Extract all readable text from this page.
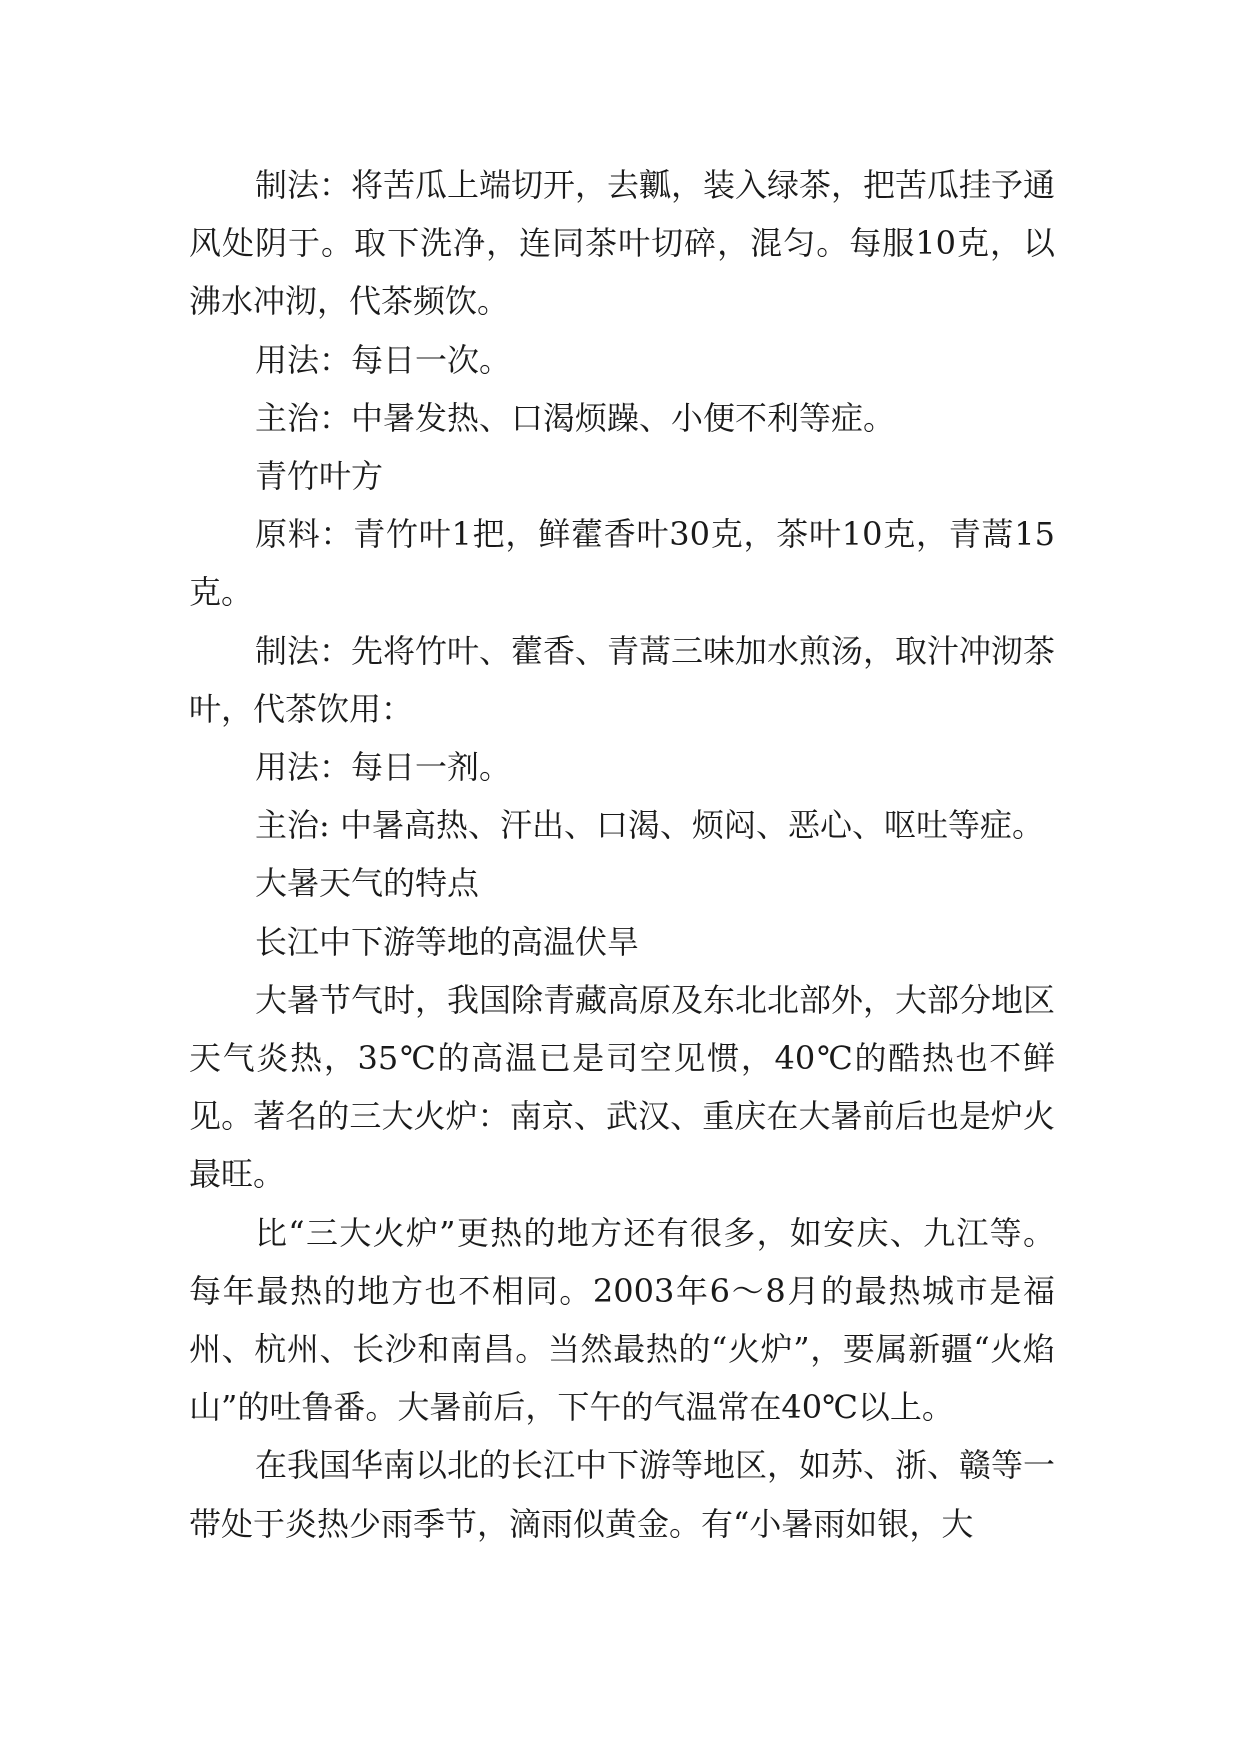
制法：将苦瓜上端切开，去瓤，装入绿茶，把苦瓜挂予通风处阴于。取下洗净，连同茶叶切碎，混匀。每服10克，以沸水冲沏，代茶频饮。

用法：每日一次。

主治：中暑发热、口渴烦躁、小便不利等症。

青竹叶方

原料：青竹叶1把，鲜藿香叶30克，茶叶10克，青蒿15克。

制法：先将竹叶、藿香、青蒿三味加水煎汤，取汁冲沏茶叶，代茶饮用：

用法：每日一剂。

主治: 中暑高热、汗出、口渴、烦闷、恶心、呕吐等症。

大暑天气的特点

长江中下游等地的高温伏旱

大暑节气时，我国除青藏高原及东北北部外，大部分地区天气炎热，35℃的高温已是司空见惯，40℃的酷热也不鲜见。著名的三大火炉：南京、武汉、重庆在大暑前后也是炉火最旺。

比“三大火炉”更热的地方还有很多，如安庆、九江等。每年最热的地方也不相同。2003年6～8月的最热城市是福州、杭州、长沙和南昌。当然最热的“火炉”，要属新疆“火焰山”的吐鲁番。大暑前后，下午的气温常在40℃以上。

在我国华南以北的长江中下游等地区，如苏、浙、赣等一带处于炎热少雨季节，滴雨似黄金。有“小暑雨如银，大
